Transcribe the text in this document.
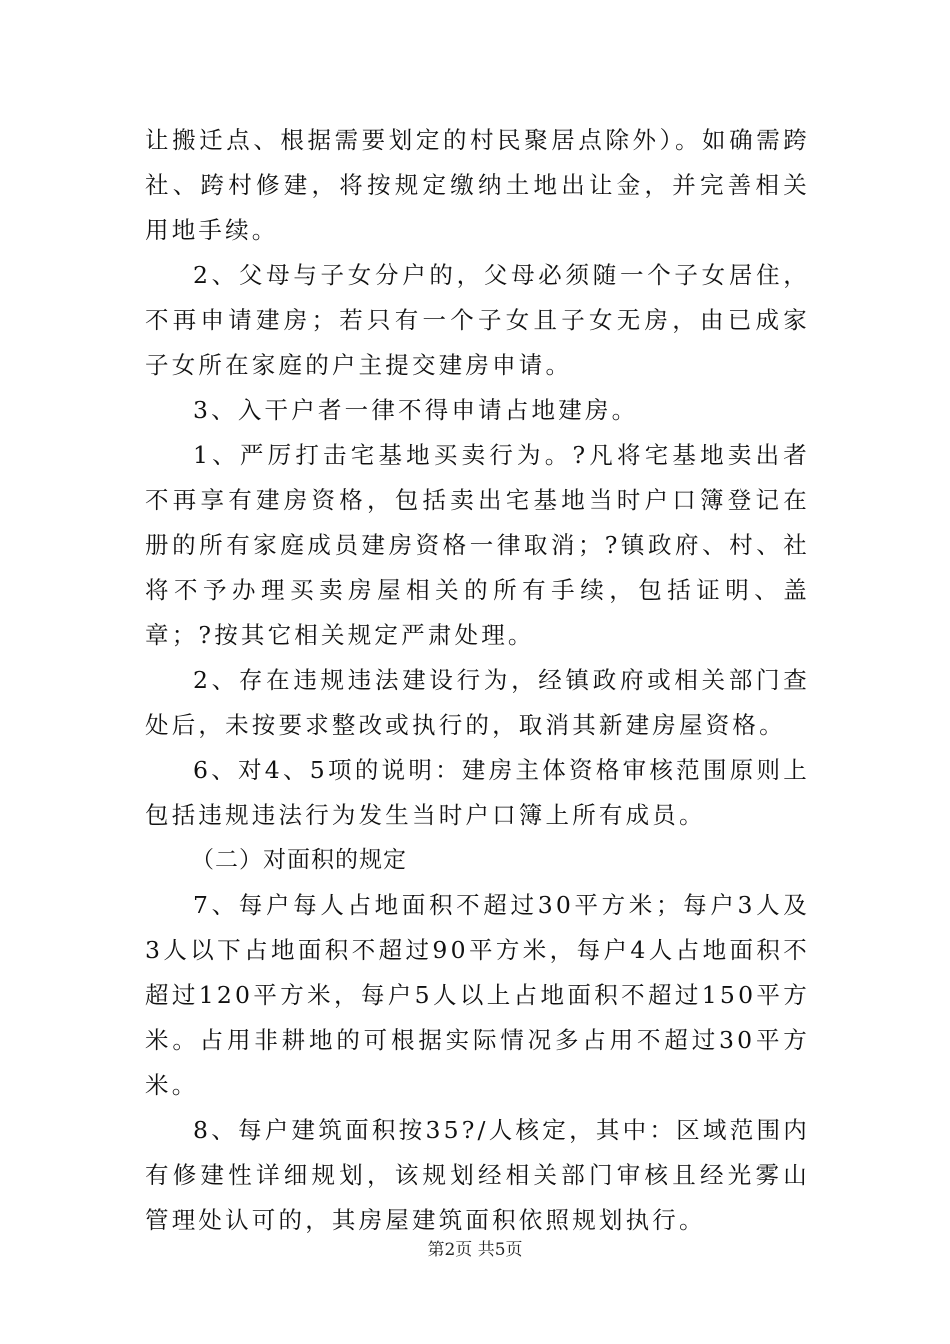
让搬迁点、根据需要划定的村民聚居点除外）。如确需跨社、跨村修建，将按规定缴纳土地出让金，并完善相关用地手续。

2、父母与子女分户的，父母必须随一个子女居住，不再申请建房；若只有一个子女且子女无房，由已成家子女所在家庭的户主提交建房申请。

3、入干户者一律不得申请占地建房。

1、严厉打击宅基地买卖行为。?凡将宅基地卖出者不再享有建房资格，包括卖出宅基地当时户口簿登记在册的所有家庭成员建房资格一律取消；?镇政府、村、社将不予办理买卖房屋相关的所有手续，包括证明、盖章；?按其它相关规定严肃处理。

2、存在违规违法建设行为，经镇政府或相关部门查处后，未按要求整改或执行的，取消其新建房屋资格。

6、对4、5项的说明：建房主体资格审核范围原则上包括违规违法行为发生当时户口簿上所有成员。

（二）对面积的规定

7、每户每人占地面积不超过30平方米；每户3人及3人以下占地面积不超过90平方米，每户4人占地面积不超过120平方米，每户5人以上占地面积不超过150平方米。占用非耕地的可根据实际情况多占用不超过30平方米。

8、每户建筑面积按35?/人核定，其中：区域范围内有修建性详细规划，该规划经相关部门审核且经光雾山管理处认可的，其房屋建筑面积依照规划执行。

第2页 共5页
